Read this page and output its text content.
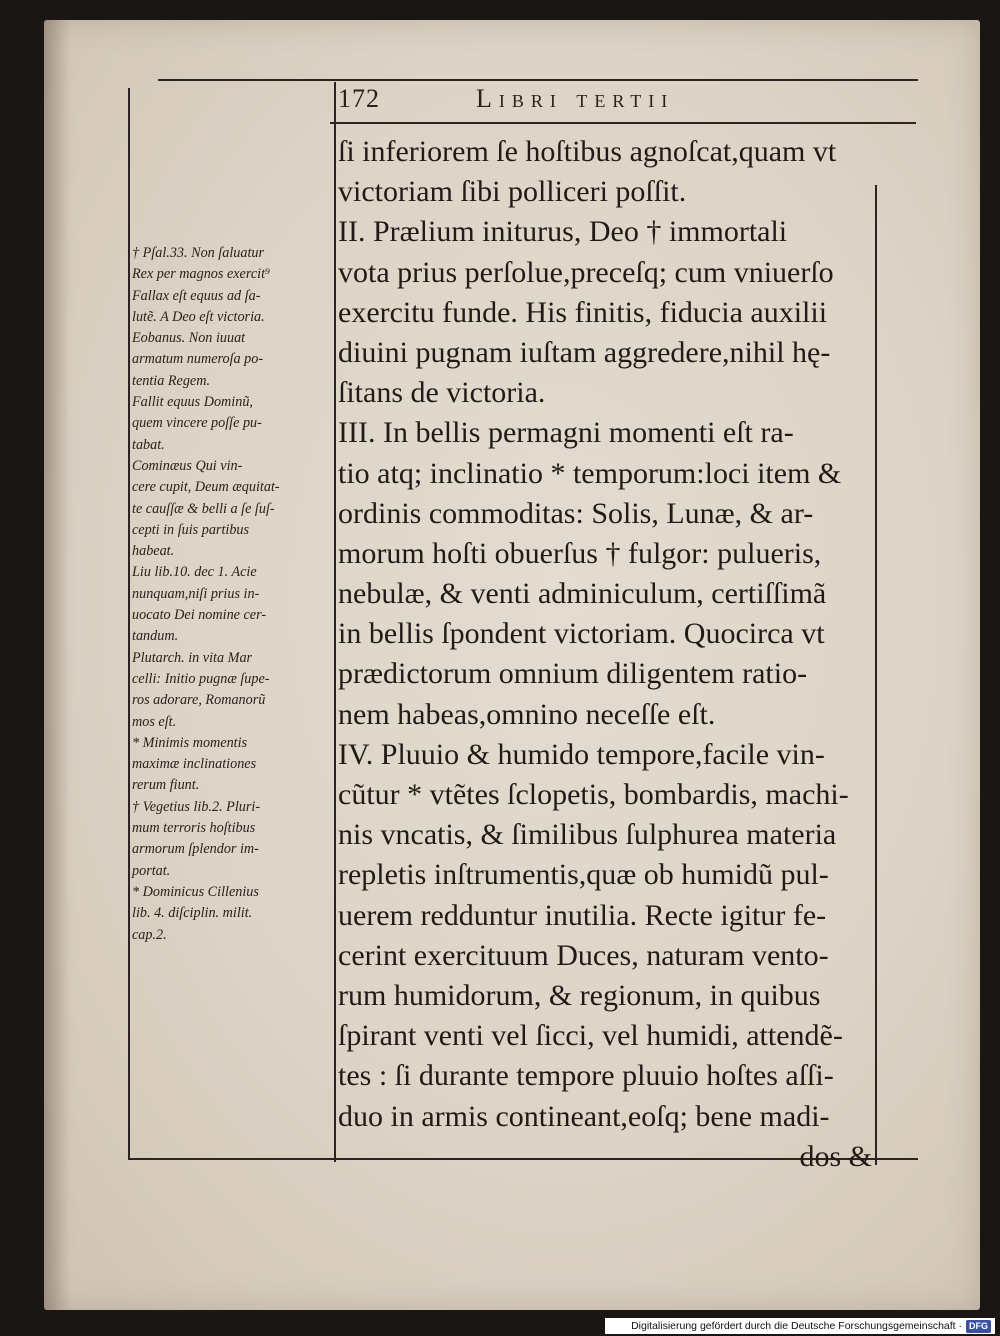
172	Libri tertii
† Pſal.33. Non ſaluatur
Rex per magnos exercit⁹
Fallax eſt equus ad ſa-
lutẽ. A Deo eſt victoria.
Eobanus. Non iuuat
armatum numeroſa po-
tentia Regem.
Fallit equus Dominũ,
quem vincere poſſe pu-
tabat.
Cominæus Qui vin-
cere cupit, Deum æquitat-
te cauſſæ & belli a ſe ſuſ-
cepti in ſuis partibus
habeat.
Liu lib.10. dec 1. Acie
nunquam,niſi prius in-
uocato Dei nomine cer-
tandum.
Plutarch. in vita Mar
celli: Initio pugnæ ſupe-
ros adorare, Romanorũ
mos eſt.
* Minimis momentis
maximæ inclinationes
rerum fiunt.
† Vegetius lib.2. Pluri-
mum terroris hoſtibus
armorum ſplendor im-
portat.
* Dominicus Cillenius
lib. 4. diſciplin. milit.
cap.2.
ſi inferiorem ſe hoſtibus agnoſcat,quam vt
victoriam ſibi polliceri poſſit.
II. Prælium initurus, Deo † immortali
vota prius perſolue,preceſq; cum vniuerſo
exercitu funde. His finitis, fiducia auxilii
diuini pugnam iuſtam aggredere,nihil hę-
ſitans de victoria.
III. In bellis permagni momenti eſt ra-
tio atq; inclinatio * temporum:loci item &
ordinis commoditas: Solis, Lunæ, & ar-
morum hoſti obuerſus † fulgor: pulueris,
nebulæ, & venti adminiculum, certiſſimã
in bellis ſpondent victoriam. Quocirca vt
prædictorum omnium diligentem ratio-
nem habeas,omnino neceſſe eſt.
IV. Pluuio & humido tempore,facile vin-
cũtur * vtẽtes ſclopetis, bombardis, machi-
nis vncatis, & ſimilibus ſulphurea materia
repletis inſtrumentis,quæ ob humidũ pul-
uerem redduntur inutilia. Recte igitur fe-
cerint exercituum Duces, naturam vento-
rum humidorum, & regionum, in quibus
ſpirant venti vel ſicci, vel humidi, attendẽ-
tes : ſi durante tempore pluuio hoſtes aſſi-
duo in armis contineant,eoſq; bene madi-
dos &
Digitalisierung gefördert durch die Deutsche Forschungsgemeinschaft · DFG
